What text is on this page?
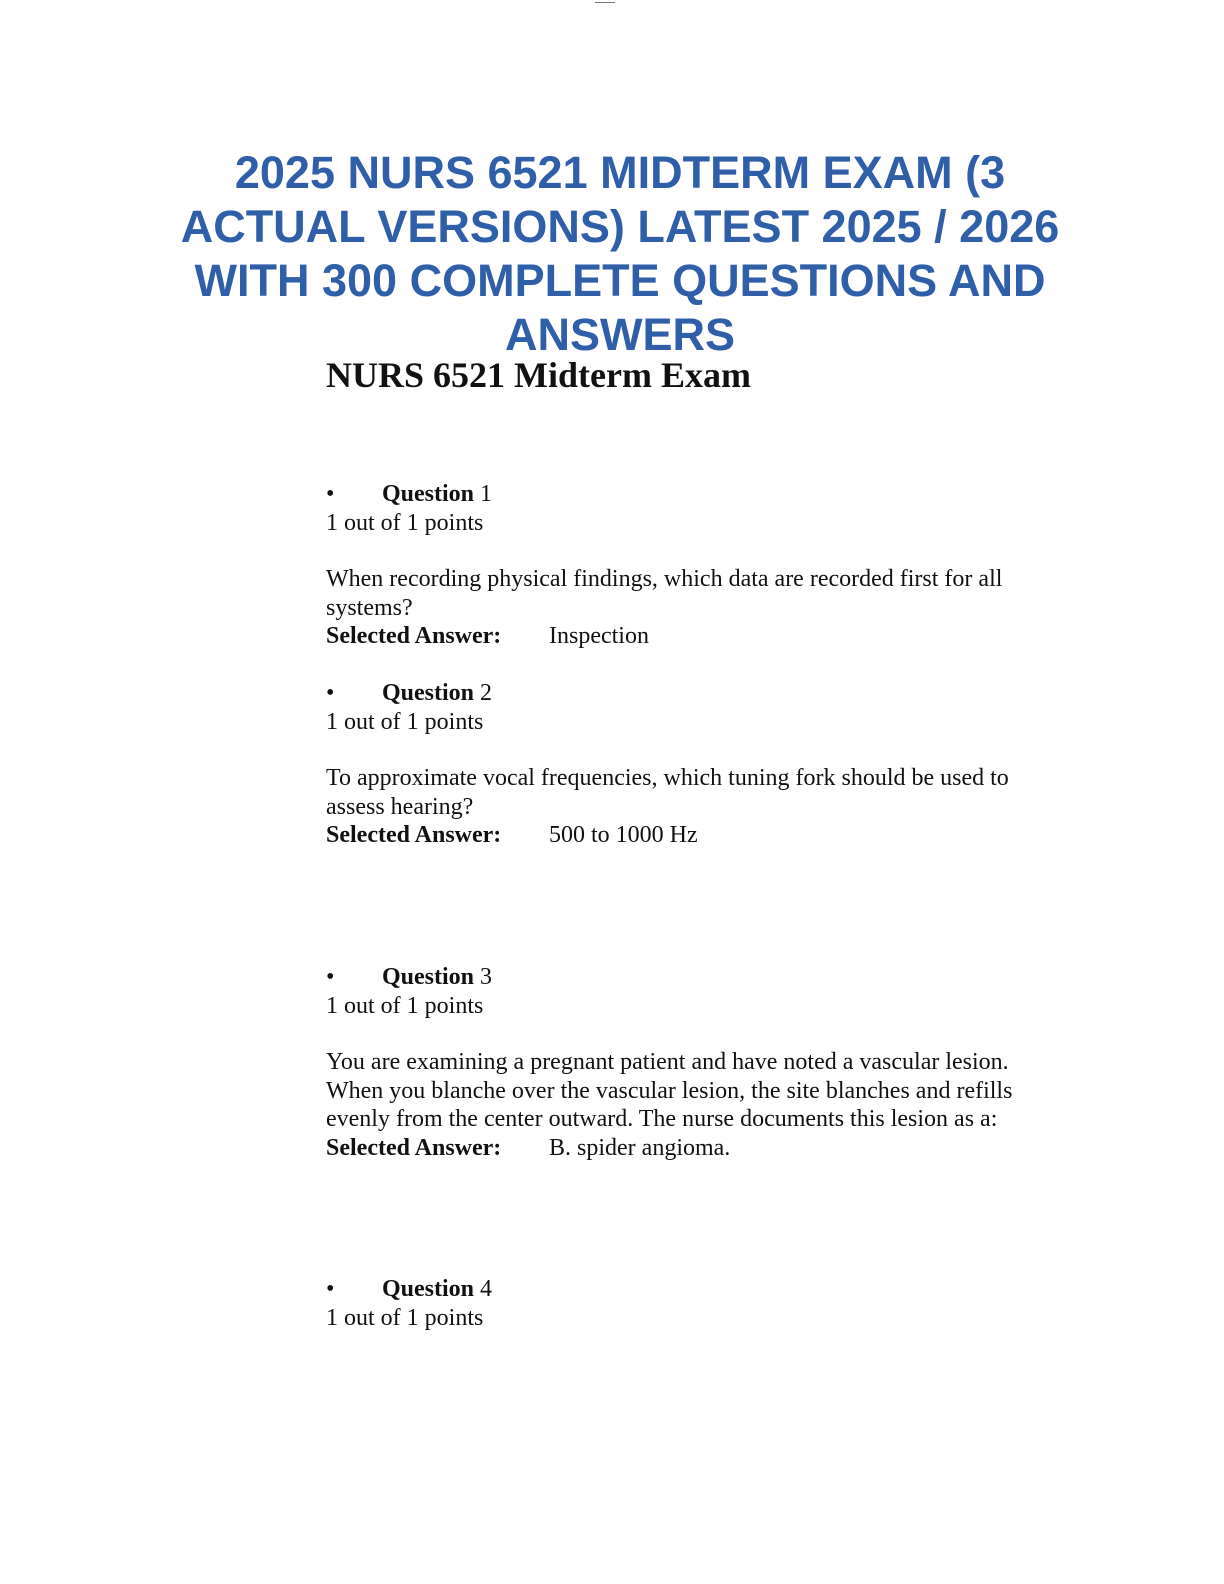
2025 NURS 6521 MIDTERM EXAM (3 ACTUAL VERSIONS) LATEST 2025 / 2026 WITH 300 COMPLETE QUESTIONS AND ANSWERS
NURS 6521 Midterm Exam
• Question 1
1 out of 1 points
When recording physical findings, which data are recorded first for all systems?
Selected Answer: Inspection
• Question 2
1 out of 1 points
To approximate vocal frequencies, which tuning fork should be used to assess hearing?
Selected Answer: 500 to 1000 Hz
• Question 3
1 out of 1 points
You are examining a pregnant patient and have noted a vascular lesion. When you blanche over the vascular lesion, the site blanches and refills evenly from the center outward. The nurse documents this lesion as a:
Selected Answer: B. spider angioma.
• Question 4
1 out of 1 points
